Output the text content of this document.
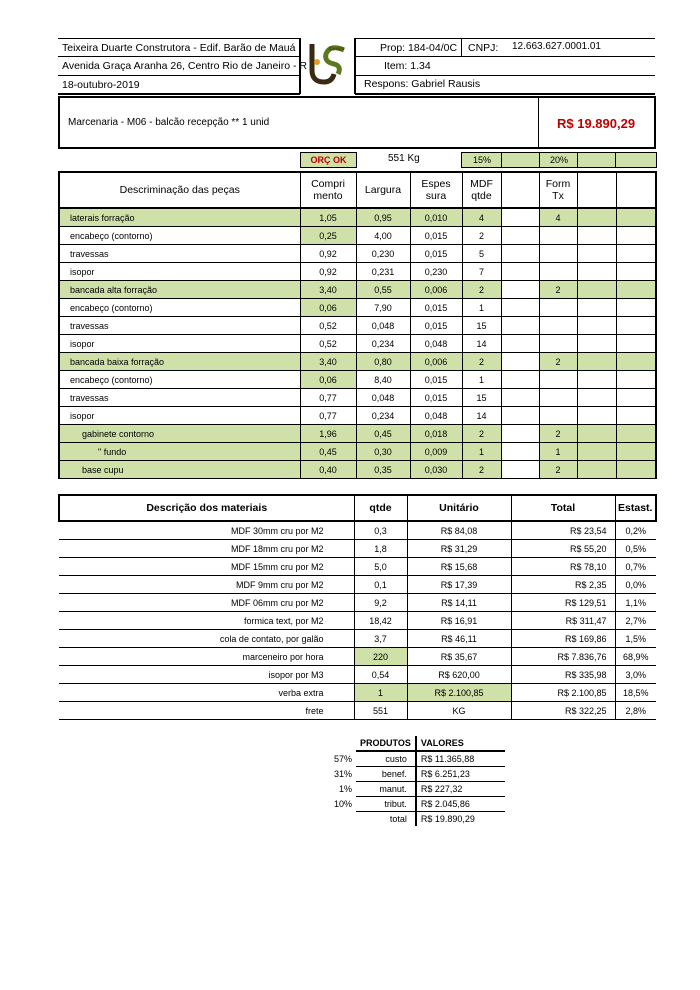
Teixeira Duarte Construtora - Edif. Barão de Mauá
Avenida Graça Aranha 26, Centro Rio de Janeiro - R
18-outubro-2019
Prop: 184-04/0C CNPJ: 12.663.627.0001.01
Item: 1.34
Respons: Gabriel Rausis
JDesign
Marcenaria - M06 - balcão recepção ** 1 unid	R$ 19.890,29
ORÇ OK	551 Kg	15%	20%
Descriminação das peças	Compri mento	Largura	Espes sura	MDF qtde		Form Tx		
laterais forração	1,05	0,95	0,010	4		4		
encabeço (contorno)	0,25	4,00	0,015	2				
travessas	0,92	0,230	0,015	5				
isopor	0,92	0,231	0,230	7				
bancada alta forração	3,40	0,55	0,006	2		2		
encabeço (contorno)	0,06	7,90	0,015	1				
travessas	0,52	0,048	0,015	15				
isopor	0,52	0,234	0,048	14				
bancada baixa forração	3,40	0,80	0,006	2		2		
encabeço (contorno)	0,06	8,40	0,015	1				
travessas	0,77	0,048	0,015	15				
isopor	0,77	0,234	0,048	14				
gabinete contorno	1,96	0,45	0,018	2		2		
" fundo	0,45	0,30	0,009	1		1		
base cupu	0,40	0,35	0,030	2		2		
Descrição dos materiais	qtde	Unitário	Total	Estast.
MDF 30mm cru por M2	0,3	R$ 84,08	R$ 23,54	0,2%
MDF 18mm cru por M2	1,8	R$ 31,29	R$ 55,20	0,5%
MDF 15mm cru por M2	5,0	R$ 15,68	R$ 78,10	0,7%
MDF 9mm cru por M2	0,1	R$ 17,39	R$ 2,35	0,0%
MDF 06mm cru por M2	9,2	R$ 14,11	R$ 129,51	1,1%
formica text, por M2	18,42	R$ 16,91	R$ 311,47	2,7%
cola de contato, por galão	3,7	R$ 46,11	R$ 169,86	1,5%
marceneiro por hora	220	R$ 35,67	R$ 7.836,76	68,9%
isopor por M3	0,54	R$ 620,00	R$ 335,98	3,0%
verba extra	1	R$ 2.100,85	R$ 2.100,85	18,5%
frete	551	KG	R$ 322,25	2,8%
	PRODUTOS	VALORES
57%	custo	R$ 11.365,88
31%	benef.	R$ 6.251,23
1%	manut.	R$ 227,32
10%	tribut.	R$ 2.045,86
	total	R$ 19.890,29
